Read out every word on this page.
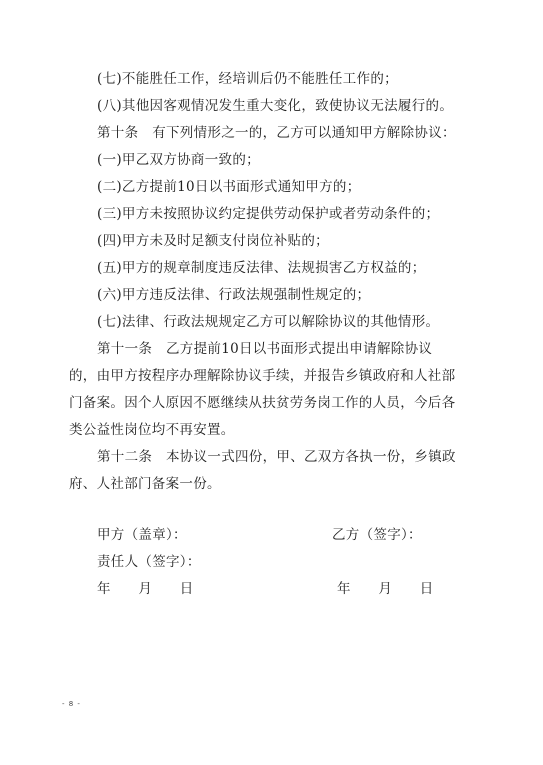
(七)不能胜任工作，经培训后仍不能胜任工作的；
(八)其他因客观情况发生重大变化，致使协议无法履行的。
第十条　有下列情形之一的，乙方可以通知甲方解除协议：
(一)甲乙双方协商一致的；
(二)乙方提前10日以书面形式通知甲方的；
(三)甲方未按照协议约定提供劳动保护或者劳动条件的；
(四)甲方未及时足额支付岗位补贴的；
(五)甲方的规章制度违反法律、法规损害乙方权益的；
(六)甲方违反法律、行政法规强制性规定的；
(七)法律、行政法规规定乙方可以解除协议的其他情形。
第十一条　乙方提前10日以书面形式提出申请解除协议
的，由甲方按程序办理解除协议手续，并报告乡镇政府和人社部
门备案。因个人原因不愿继续从扶贫劳务岗工作的人员，今后各
类公益性岗位均不再安置。
第十二条　本协议一式四份，甲、乙双方各执一份，乡镇政
府、人社部门备案一份。
甲方（盖章）：	乙方（签字）：
责任人（签字）：
年　　月　　日	年　　月　　日
- 8 -
